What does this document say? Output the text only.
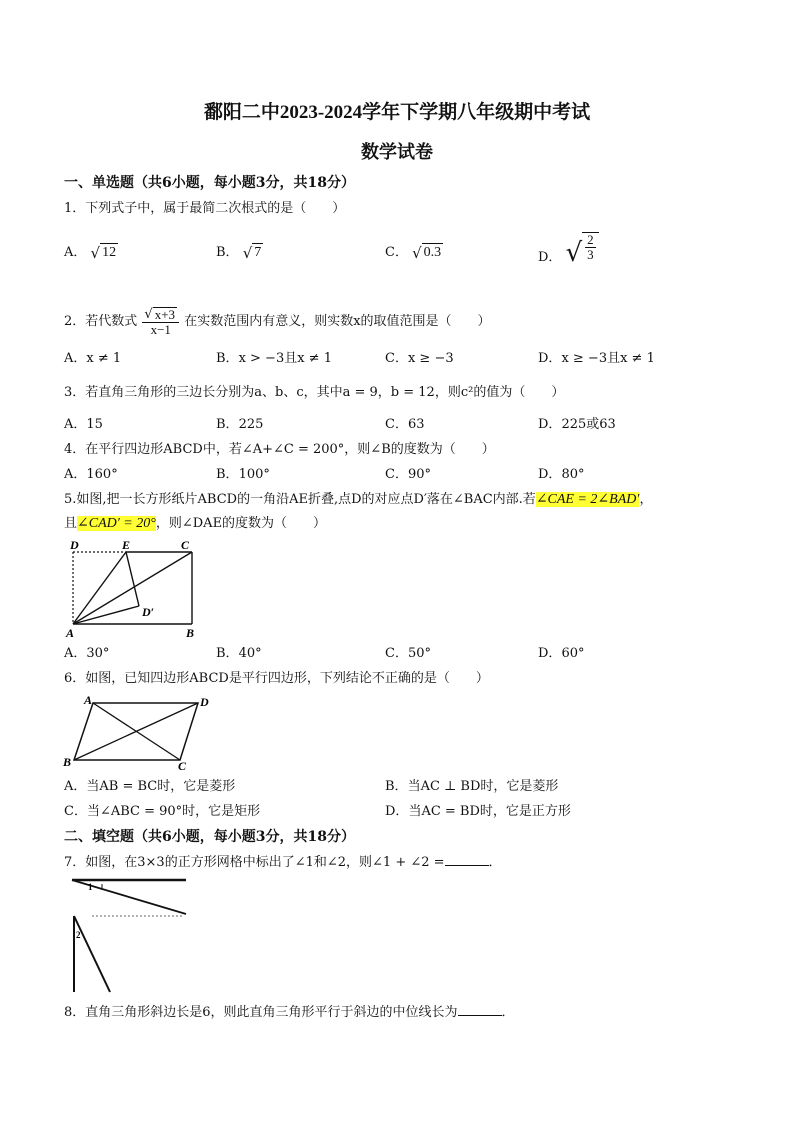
鄱阳二中2023-2024学年下学期八年级期中考试
数学试卷
一、单选题（共6小题，每小题3分，共18分）
1．下列式子中，属于最简二次根式的是（　　）
A． √ 12	B． √ 7	C． √ 0.3	D． √ $\frac{2}{3}$
2．若代数式 $\frac{√ x+3}{x-1}$ 在实数范围内有意义，则实数x的取值范围是（　　）
A．x ≠ 1	B．x > −3且x ≠ 1	C．x ≥ −3	D．x ≥ −3且x ≠ 1
3．若直角三角形的三边长分别为a、b、c，其中a = 9，b = 12，则c²的值为（　　）
A．15	B．225	C．63	D．225或63
4．在平行四边形ABCD中，若∠A+∠C = 200°，则∠B的度数为（　　）
A．160°	B．100°	C．90°	D．80°
5.如图,把一长方形纸片ABCD的一角沿AE折叠,点D的对应点D′落在∠BAC内部.若∠CAE = 2∠BAD′，
且∠CAD′ = 20°，则∠DAE的度数为（　　）
D	E	C
D′
A	B
A．30°	B．40°	C．50°	D．60°
6．如图，已知四边形ABCD是平行四边形，下列结论不正确的是（　　）
A	D
B	C
A．当AB = BC时，它是菱形	B．当AC ⊥ BD时，它是菱形
C．当∠ABC = 90°时，它是矩形	D．当AC = BD时，它是正方形
二、填空题（共6小题，每小题3分，共18分）
7．如图，在3×3的正方形网格中标出了∠1和∠2，则∠1 + ∠2 =	．
1
2
8．直角三角形斜边长是6，则此直角三角形平行于斜边的中位线长为	．
